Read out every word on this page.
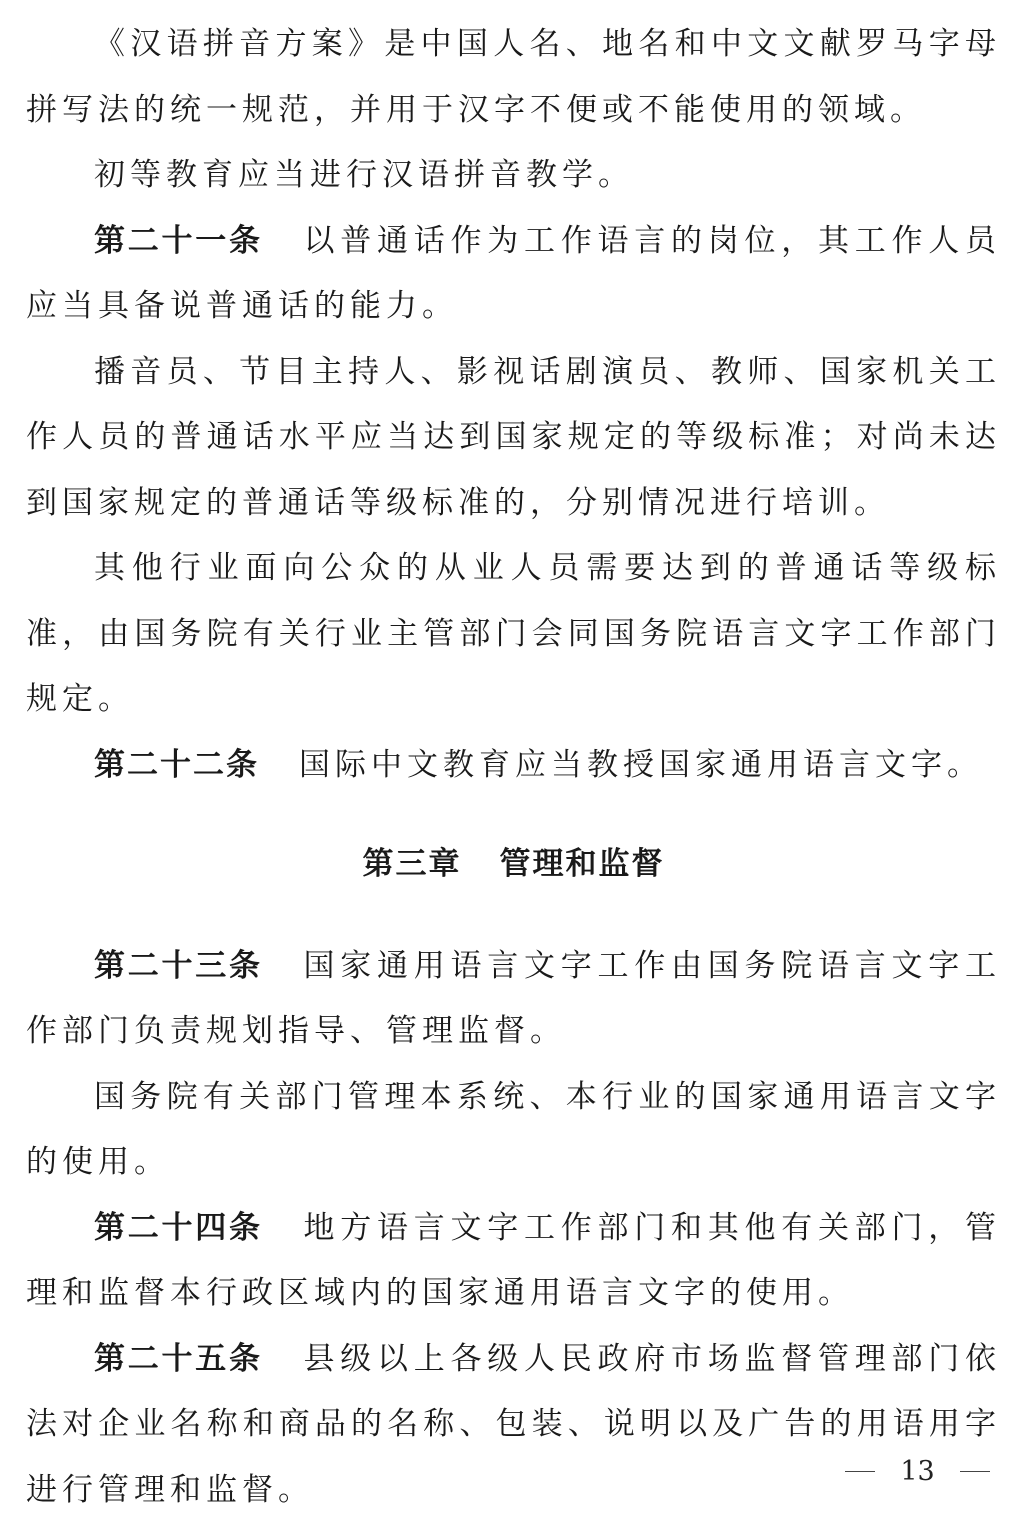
《汉语拼音方案》是中国人名、地名和中文文献罗马字母拼写法的统一规范，并用于汉字不便或不能使用的领域。

初等教育应当进行汉语拼音教学。

第二十一条 以普通话作为工作语言的岗位，其工作人员应当具备说普通话的能力。

播音员、节目主持人、影视话剧演员、教师、国家机关工作人员的普通话水平应当达到国家规定的等级标准；对尚未达到国家规定的普通话等级标准的，分别情况进行培训。

其他行业面向公众的从业人员需要达到的普通话等级标准，由国务院有关行业主管部门会同国务院语言文字工作部门规定。

第二十二条 国际中文教育应当教授国家通用语言文字。

第三章 管理和监督

第二十三条 国家通用语言文字工作由国务院语言文字工作部门负责规划指导、管理监督。

国务院有关部门管理本系统、本行业的国家通用语言文字的使用。

第二十四条 地方语言文字工作部门和其他有关部门，管理和监督本行政区域内的国家通用语言文字的使用。

第二十五条 县级以上各级人民政府市场监督管理部门依法对企业名称和商品的名称、包装、说明以及广告的用语用字进行管理和监督。	13
